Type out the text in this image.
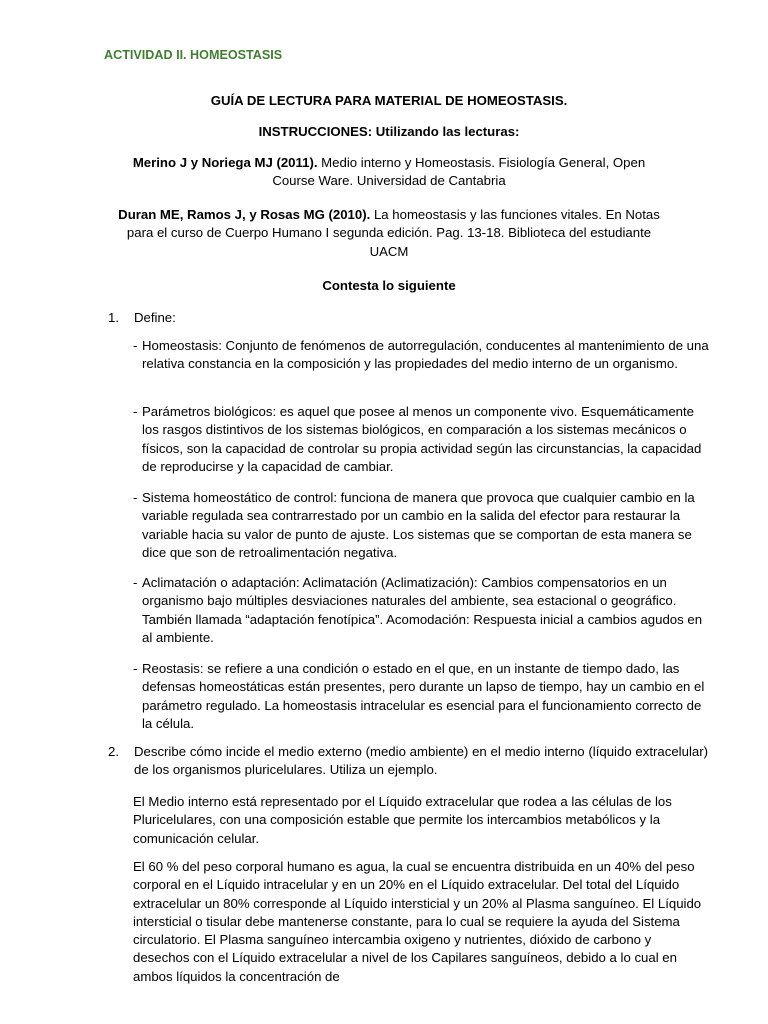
ACTIVIDAD II. HOMEOSTASIS
GUÍA DE LECTURA PARA MATERIAL DE HOMEOSTASIS.
INSTRUCCIONES: Utilizando las lecturas:
Merino J y Noriega MJ (2011). Medio interno y Homeostasis. Fisiología General, Open Course Ware. Universidad de Cantabria
Duran ME, Ramos J, y Rosas MG (2010). La homeostasis y las funciones vitales. En Notas para el curso de Cuerpo Humano I segunda edición. Pag. 13-18. Biblioteca del estudiante UACM
Contesta lo siguiente
1. Define:
- Homeostasis: Conjunto de fenómenos de autorregulación, conducentes al mantenimiento de una relativa constancia en la composición y las propiedades del medio interno de un organismo.
- Parámetros biológicos: es aquel que posee al menos un componente vivo. Esquemáticamente los rasgos distintivos de los sistemas biológicos, en comparación a los sistemas mecánicos o físicos, son la capacidad de controlar su propia actividad según las circunstancias, la capacidad de reproducirse y la capacidad de cambiar.
- Sistema homeostático de control: funciona de manera que provoca que cualquier cambio en la variable regulada sea contrarrestado por un cambio en la salida del efector para restaurar la variable hacia su valor de punto de ajuste. Los sistemas que se comportan de esta manera se dice que son de retroalimentación negativa.
- Aclimatación o adaptación: Aclimatación (Aclimatización): Cambios compensatorios en un organismo bajo múltiples desviaciones naturales del ambiente, sea estacional o geográfico. También llamada “adaptación fenotípica”. Acomodación: Respuesta inicial a cambios agudos en al ambiente.
- Reostasis: se refiere a una condición o estado en el que, en un instante de tiempo dado, las defensas homeostáticas están presentes, pero durante un lapso de tiempo, hay un cambio en el parámetro regulado. La homeostasis intracelular es esencial para el funcionamiento correcto de la célula.
2. Describe cómo incide el medio externo (medio ambiente) en el medio interno (líquido extracelular) de los organismos pluricelulares. Utiliza un ejemplo.
El Medio interno está representado por el Líquido extracelular que rodea a las células de los Pluricelulares, con una composición estable que permite los intercambios metabólicos y la comunicación celular.
El 60 % del peso corporal humano es agua, la cual se encuentra distribuida en un 40% del peso corporal en el Líquido intracelular y en un 20% en el Líquido extracelular. Del total del Líquido extracelular un 80% corresponde al Líquido intersticial y un 20% al Plasma sanguíneo. El Líquido intersticial o tisular debe mantenerse constante, para lo cual se requiere la ayuda del Sistema circulatorio. El Plasma sanguíneo intercambia oxigeno y nutrientes, dióxido de carbono y desechos con el Líquido extracelular a nivel de los Capilares sanguíneos, debido a lo cual en ambos líquidos la concentración de
